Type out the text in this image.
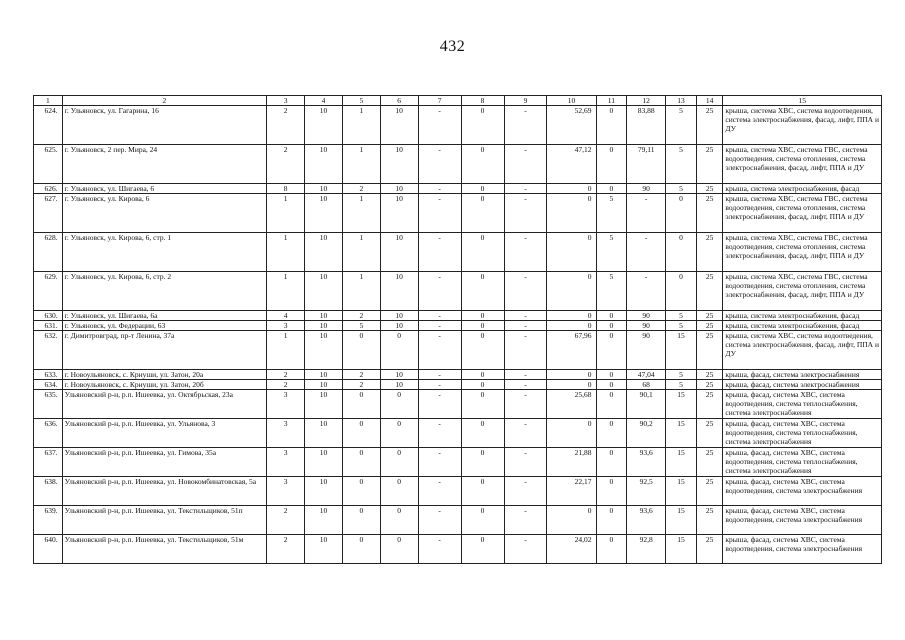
432
1	2	3	4	5	6	7	8	9	10	11	12	13	14	15
624.	г. Ульяновск, ул. Гагарина, 16	2	10	1	10	-	0	-	52,69	0	83,88	5	25	крыша, система ХВС, система водоотведения, система электроснабжения, фасад, лифт, ППА и ДУ
625.	г. Ульяновск, 2 пер. Мира, 24	2	10	1	10	-	0	-	47,12	0	79,11	5	25	крыша, система ХВС, система ГВС, система водоотведения, система отопления, система электроснабжения, фасад, лифт, ППА и ДУ
626.	г. Ульяновск, ул. Шигаева, 6	8	10	2	10	-	0	-	0	0	90	5	25	крыша, система электроснабжения, фасад
627.	г. Ульяновск, ул. Кирова, 6	1	10	1	10	-	0	-	0	5	-	0	25	крыша, система ХВС, система ГВС, система водоотведения, система отопления, система электроснабжения, фасад, лифт, ППА и ДУ
628.	г. Ульяновск, ул. Кирова, 6, стр. 1	1	10	1	10	-	0	-	0	5	-	0	25	крыша, система ХВС, система ГВС, система водоотведения, система отопления, система электроснабжения, фасад, лифт, ППА и ДУ
629.	г. Ульяновск, ул. Кирова, 6, стр. 2	1	10	1	10	-	0	-	0	5	-	0	25	крыша, система ХВС, система ГВС, система водоотведения, система отопления, система электроснабжения, фасад, лифт, ППА и ДУ
630.	г. Ульяновск, ул. Шигаева, 6а	4	10	2	10	-	0	-	0	0	90	5	25	крыша, система электроснабжения, фасад
631.	г. Ульяновск, ул. Федерации, 63	3	10	5	10	-	0	-	0	0	90	5	25	крыша, система электроснабжения, фасад
632.	г. Димитровград, пр-т Ленина, 37а	1	10	0	0	-	0	-	67,96	0	90	15	25	крыша, система ХВС, система водоотведения, система электроснабжения, фасад, лифт, ППА и ДУ
633.	г. Новоульяновск, с. Криуши, ул. Затон, 20а	2	10	2	10	-	0	-	0	0	47,04	5	25	крыша, фасад, система электроснабжения
634.	г. Новоульяновск, с. Криуши, ул. Затон, 20б	2	10	2	10	-	0	-	0	0	68	5	25	крыша, фасад, система электроснабжения
635.	Ульяновский р-н, р.п. Ишеевка, ул. Октябрьская, 23а	3	10	0	0	-	0	-	25,68	0	90,1	15	25	крыша, фасад, система ХВС, система водоотведения, система теплоснабжения, система электроснабжения
636.	Ульяновский р-н, р.п. Ишеевка, ул. Ульянова, 3	3	10	0	0	-	0	-	0	0	90,2	15	25	крыша, фасад, система ХВС, система водоотведения, система теплоснабжения, система электроснабжения
637.	Ульяновский р-н, р.п. Ишеевка, ул. Гимова, 35а	3	10	0	0	-	0	-	21,88	0	93,6	15	25	крыша, фасад, система ХВС, система водоотведения, система теплоснабжения, система электроснабжения
638.	Ульяновский р-н, р.п. Ишеевка, ул. Новокомбинатовская, 5а	3	10	0	0	-	0	-	22,17	0	92,5	15	25	крыша, фасад, система ХВС, система водоотведения, система электроснабжения
639.	Ульяновский р-н, р.п. Ишеевка, ул. Текстильщиков, 51п	2	10	0	0	-	0	-	0	0	93,6	15	25	крыша, фасад, система ХВС, система водоотведения, система электроснабжения
640.	Ульяновский р-н, р.п. Ишеевка, ул. Текстильщиков, 51м	2	10	0	0	-	0	-	24,02	0	92,8	15	25	крыша, фасад, система ХВС, система водоотведения, система электроснабжения
